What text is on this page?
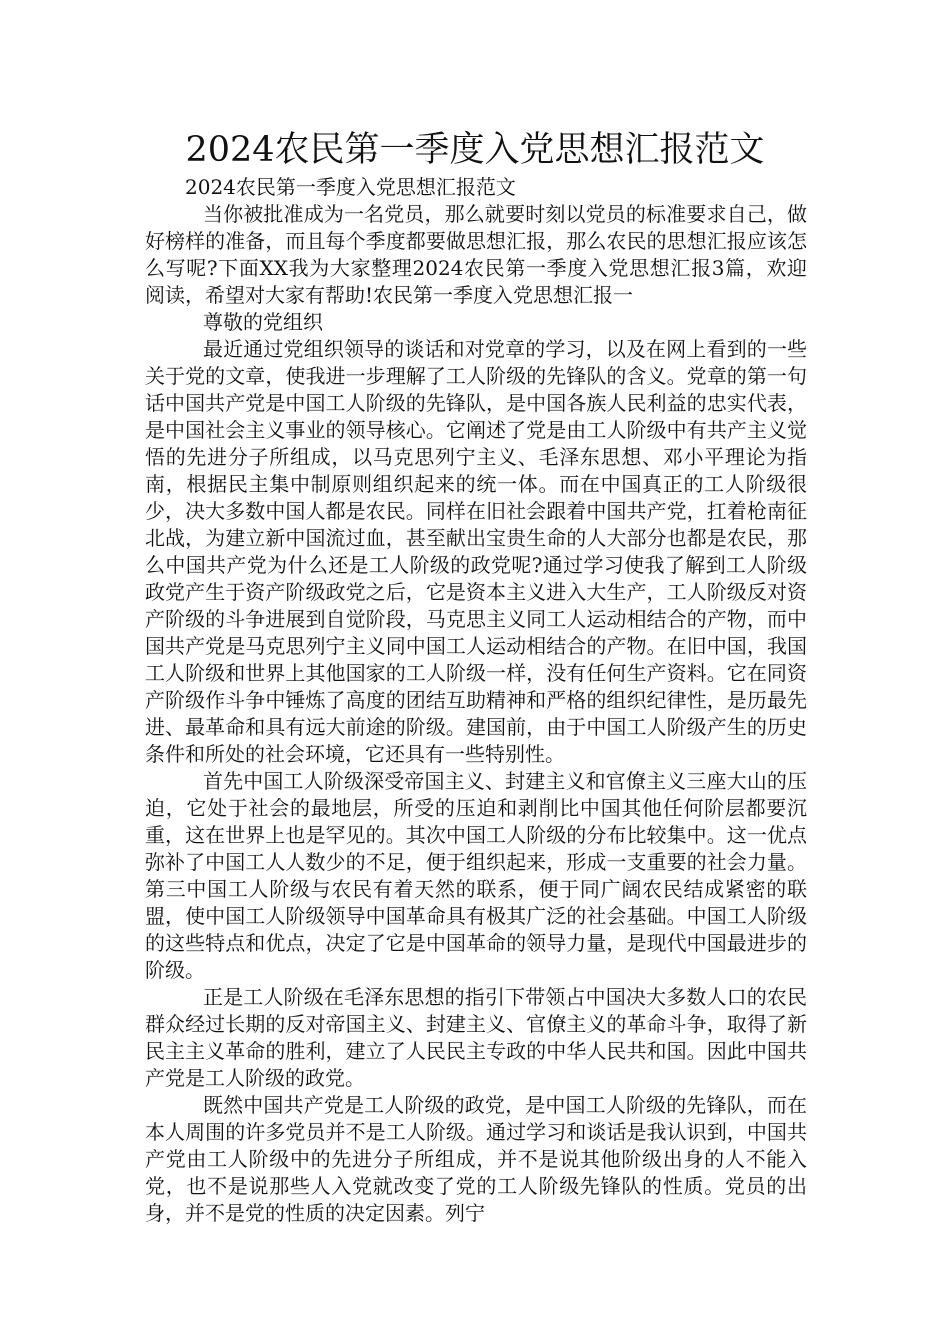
2024农民第一季度入党思想汇报范文

2024农民第一季度入党思想汇报范文

当你被批准成为一名党员，那么就要时刻以党员的标准要求自己，做好榜样的准备，而且每个季度都要做思想汇报，那么农民的思想汇报应该怎么写呢?下面XX我为大家整理2024农民第一季度入党思想汇报3篇，欢迎阅读，希望对大家有帮助!农民第一季度入党思想汇报一

尊敬的党组织

最近通过党组织领导的谈话和对党章的学习，以及在网上看到的一些关于党的文章，使我进一步理解了工人阶级的先锋队的含义。党章的第一句话中国共产党是中国工人阶级的先锋队，是中国各族人民利益的忠实代表，是中国社会主义事业的领导核心。它阐述了党是由工人阶级中有共产主义觉悟的先进分子所组成，以马克思列宁主义、毛泽东思想、邓小平理论为指南，根据民主集中制原则组织起来的统一体。而在中国真正的工人阶级很少，决大多数中国人都是农民。同样在旧社会跟着中国共产党，扛着枪南征北战，为建立新中国流过血，甚至献出宝贵生命的人大部分也都是农民，那么中国共产党为什么还是工人阶级的政党呢?通过学习使我了解到工人阶级政党产生于资产阶级政党之后，它是资本主义进入大生产，工人阶级反对资产阶级的斗争进展到自觉阶段，马克思主义同工人运动相结合的产物，而中国共产党是马克思列宁主义同中国工人运动相结合的产物。在旧中国，我国工人阶级和世界上其他国家的工人阶级一样，没有任何生产资料。它在同资产阶级作斗争中锤炼了高度的团结互助精神和严格的组织纪律性，是历最先进、最革命和具有远大前途的阶级。建国前，由于中国工人阶级产生的历史条件和所处的社会环境，它还具有一些特别性。

首先中国工人阶级深受帝国主义、封建主义和官僚主义三座大山的压迫，它处于社会的最地层，所受的压迫和剥削比中国其他任何阶层都要沉重，这在世界上也是罕见的。其次中国工人阶级的分布比较集中。这一优点弥补了中国工人人数少的不足，便于组织起来，形成一支重要的社会力量。第三中国工人阶级与农民有着天然的联系，便于同广阔农民结成紧密的联盟，使中国工人阶级领导中国革命具有极其广泛的社会基础。中国工人阶级的这些特点和优点，决定了它是中国革命的领导力量，是现代中国最进步的阶级。

正是工人阶级在毛泽东思想的指引下带领占中国决大多数人口的农民群众经过长期的反对帝国主义、封建主义、官僚主义的革命斗争，取得了新民主主义革命的胜利，建立了人民民主专政的中华人民共和国。因此中国共产党是工人阶级的政党。

既然中国共产党是工人阶级的政党，是中国工人阶级的先锋队，而在本人周围的许多党员并不是工人阶级。通过学习和谈话是我认识到，中国共产党由工人阶级中的先进分子所组成，并不是说其他阶级出身的人不能入党，也不是说那些人入党就改变了党的工人阶级先锋队的性质。党员的出身，并不是党的性质的决定因素。列宁
